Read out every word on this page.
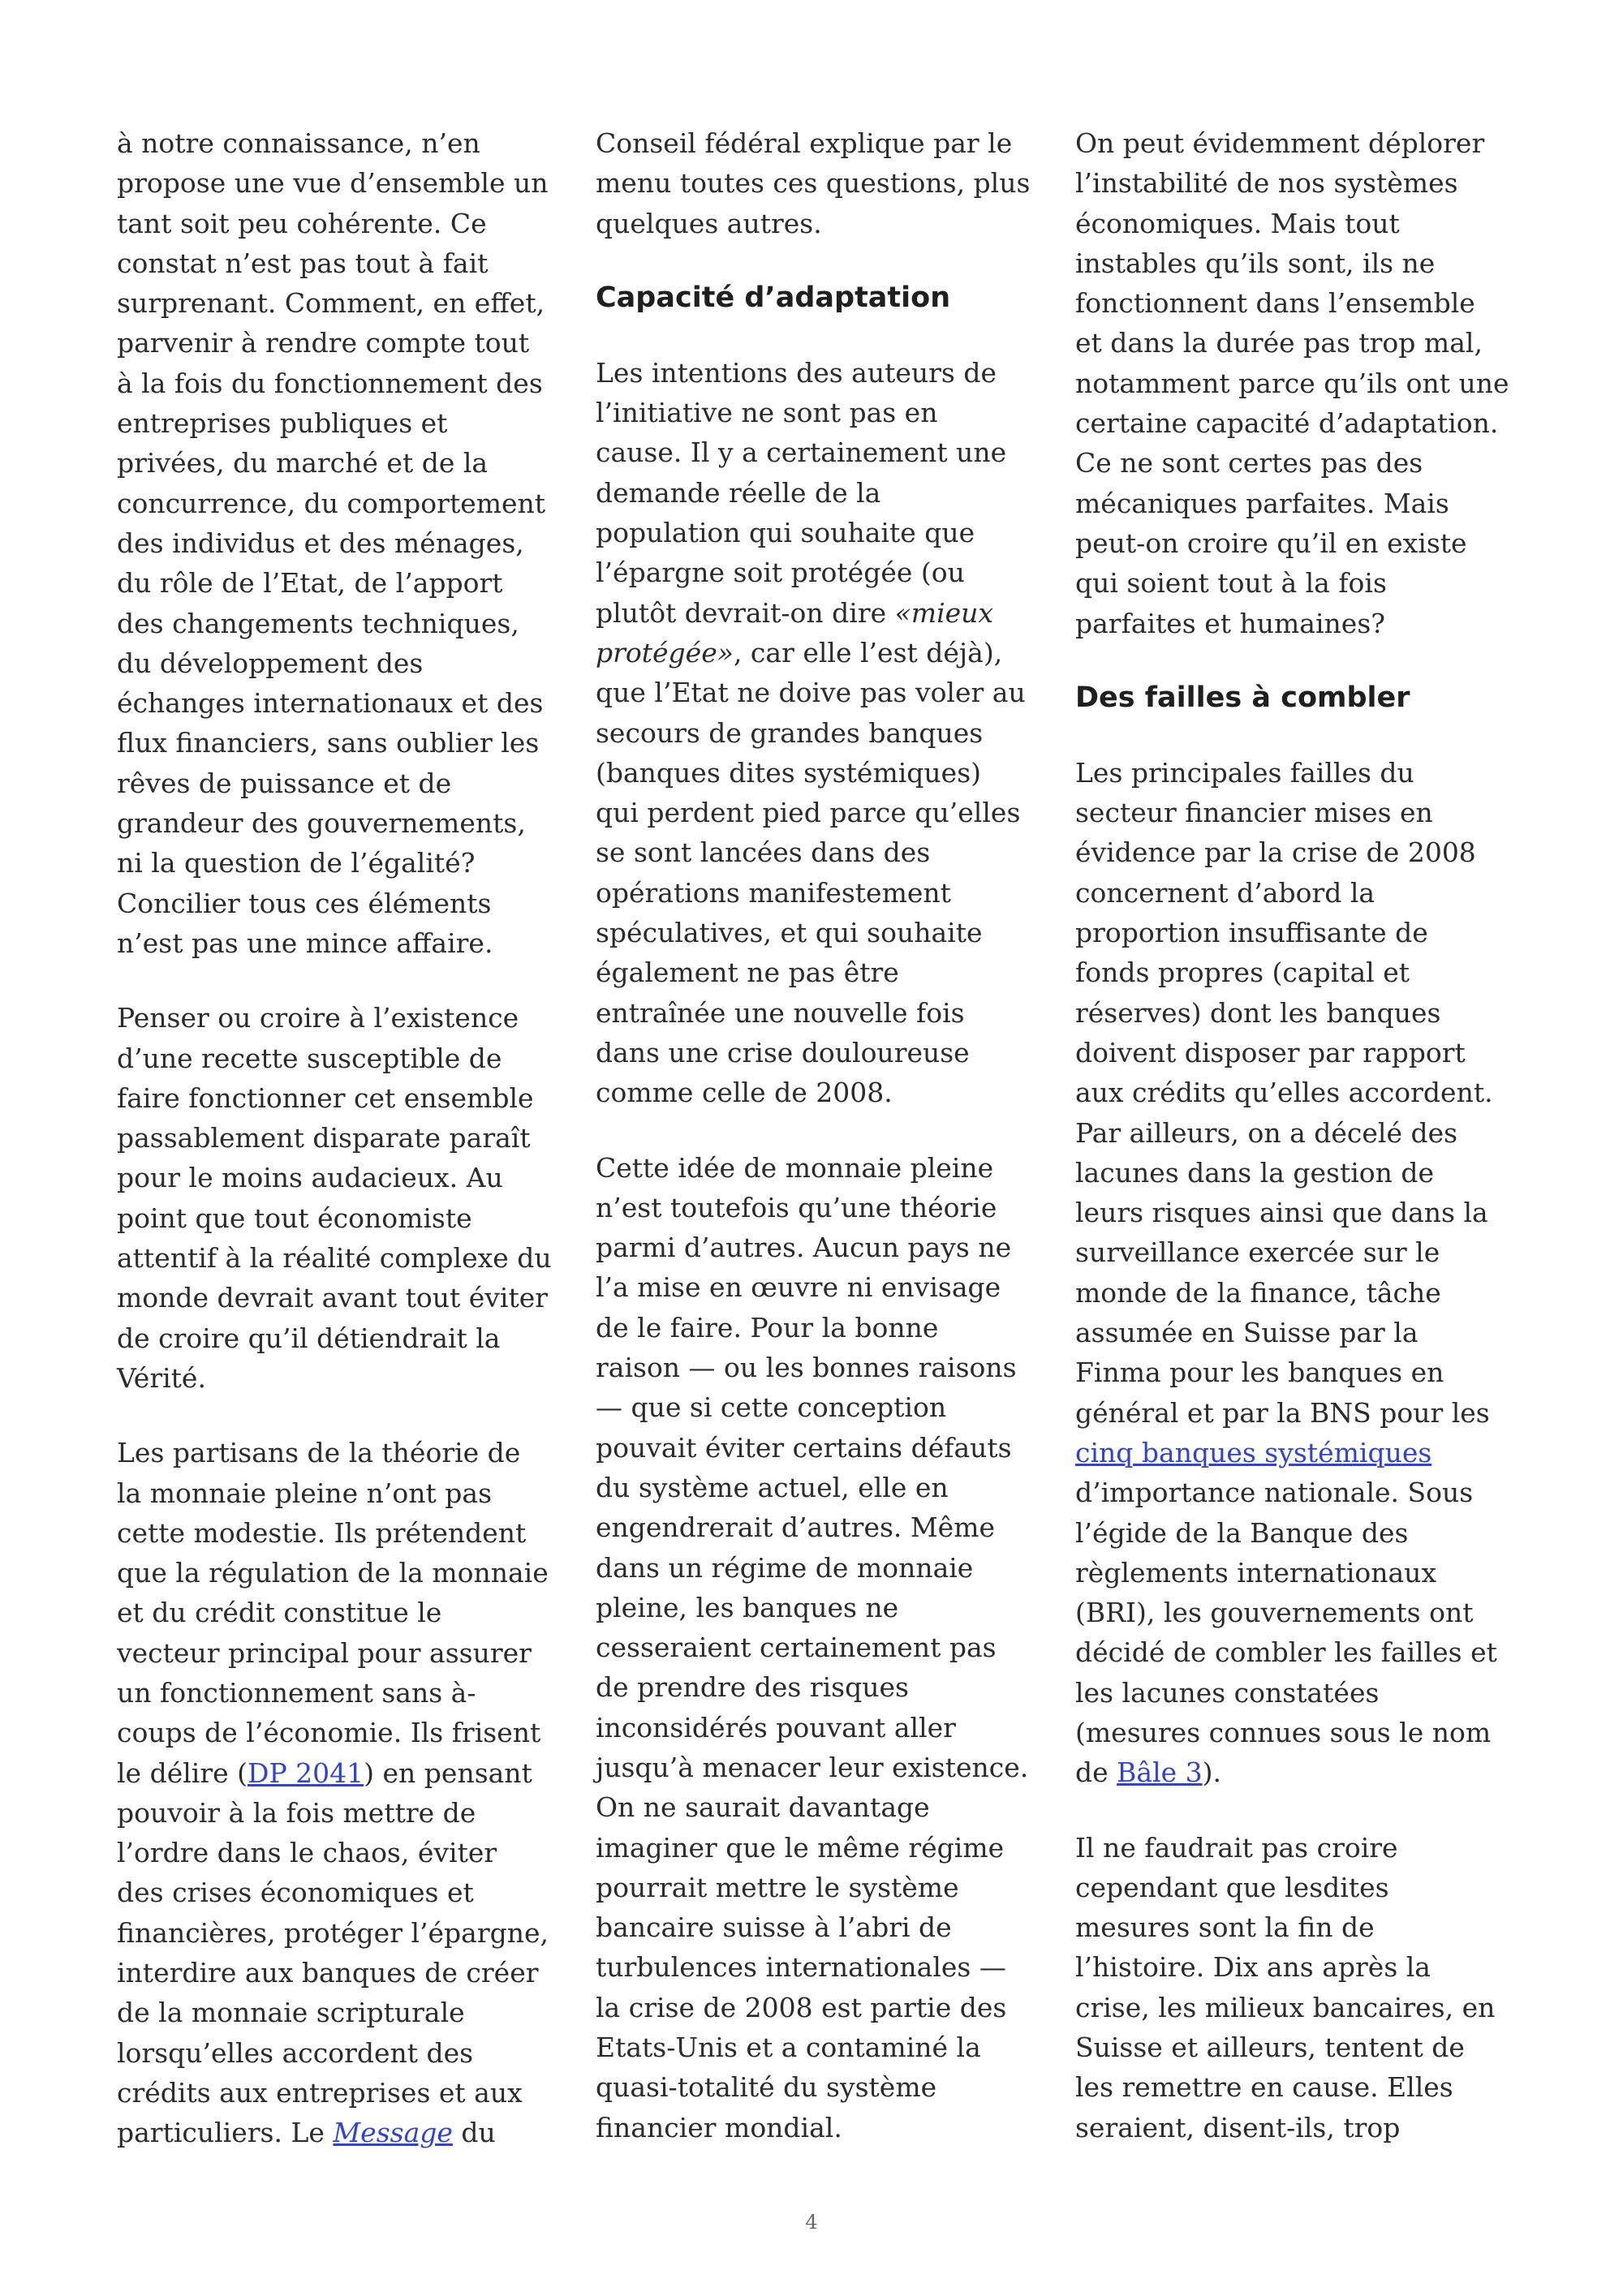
à notre connaissance, n’en
propose une vue d’ensemble un
tant soit peu cohérente. Ce
constat n’est pas tout à fait
surprenant. Comment, en effet,
parvenir à rendre compte tout
à la fois du fonctionnement des
entreprises publiques et
privées, du marché et de la
concurrence, du comportement
des individus et des ménages,
du rôle de l’Etat, de l’apport
des changements techniques,
du développement des
échanges internationaux et des
flux financiers, sans oublier les
rêves de puissance et de
grandeur des gouvernements,
ni la question de l’égalité?
Concilier tous ces éléments
n’est pas une mince affaire.
Penser ou croire à l’existence
d’une recette susceptible de
faire fonctionner cet ensemble
passablement disparate paraît
pour le moins audacieux. Au
point que tout économiste
attentif à la réalité complexe du
monde devrait avant tout éviter
de croire qu’il détiendrait la
Vérité.
Les partisans de la théorie de
la monnaie pleine n’ont pas
cette modestie. Ils prétendent
que la régulation de la monnaie
et du crédit constitue le
vecteur principal pour assurer
un fonctionnement sans à-
coups de l’économie. Ils frisent
le délire (DP 2041) en pensant
pouvoir à la fois mettre de
l’ordre dans le chaos, éviter
des crises économiques et
financières, protéger l’épargne,
interdire aux banques de créer
de la monnaie scripturale
lorsqu’elles accordent des
crédits aux entreprises et aux
particuliers. Le Message du
Conseil fédéral explique par le
menu toutes ces questions, plus
quelques autres.
Capacité d’adaptation
Les intentions des auteurs de
l’initiative ne sont pas en
cause. Il y a certainement une
demande réelle de la
population qui souhaite que
l’épargne soit protégée (ou
plutôt devrait-on dire «mieux
protégée», car elle l’est déjà),
que l’Etat ne doive pas voler au
secours de grandes banques
(banques dites systémiques)
qui perdent pied parce qu’elles
se sont lancées dans des
opérations manifestement
spéculatives, et qui souhaite
également ne pas être
entraînée une nouvelle fois
dans une crise douloureuse
comme celle de 2008.
Cette idée de monnaie pleine
n’est toutefois qu’une théorie
parmi d’autres. Aucun pays ne
l’a mise en œuvre ni envisage
de le faire. Pour la bonne
raison — ou les bonnes raisons
— que si cette conception
pouvait éviter certains défauts
du système actuel, elle en
engendrerait d’autres. Même
dans un régime de monnaie
pleine, les banques ne
cesseraient certainement pas
de prendre des risques
inconsidérés pouvant aller
jusqu’à menacer leur existence.
On ne saurait davantage
imaginer que le même régime
pourrait mettre le système
bancaire suisse à l’abri de
turbulences internationales —
la crise de 2008 est partie des
Etats-Unis et a contaminé la
quasi-totalité du système
financier mondial.
On peut évidemment déplorer
l’instabilité de nos systèmes
économiques. Mais tout
instables qu’ils sont, ils ne
fonctionnent dans l’ensemble
et dans la durée pas trop mal,
notamment parce qu’ils ont une
certaine capacité d’adaptation.
Ce ne sont certes pas des
mécaniques parfaites. Mais
peut-on croire qu’il en existe
qui soient tout à la fois
parfaites et humaines?
Des failles à combler
Les principales failles du
secteur financier mises en
évidence par la crise de 2008
concernent d’abord la
proportion insuffisante de
fonds propres (capital et
réserves) dont les banques
doivent disposer par rapport
aux crédits qu’elles accordent.
Par ailleurs, on a décelé des
lacunes dans la gestion de
leurs risques ainsi que dans la
surveillance exercée sur le
monde de la finance, tâche
assumée en Suisse par la
Finma pour les banques en
général et par la BNS pour les
cinq banques systémiques
d’importance nationale. Sous
l’égide de la Banque des
règlements internationaux
(BRI), les gouvernements ont
décidé de combler les failles et
les lacunes constatées
(mesures connues sous le nom
de Bâle 3).
Il ne faudrait pas croire
cependant que lesdites
mesures sont la fin de
l’histoire. Dix ans après la
crise, les milieux bancaires, en
Suisse et ailleurs, tentent de
les remettre en cause. Elles
seraient, disent-ils, trop
4
